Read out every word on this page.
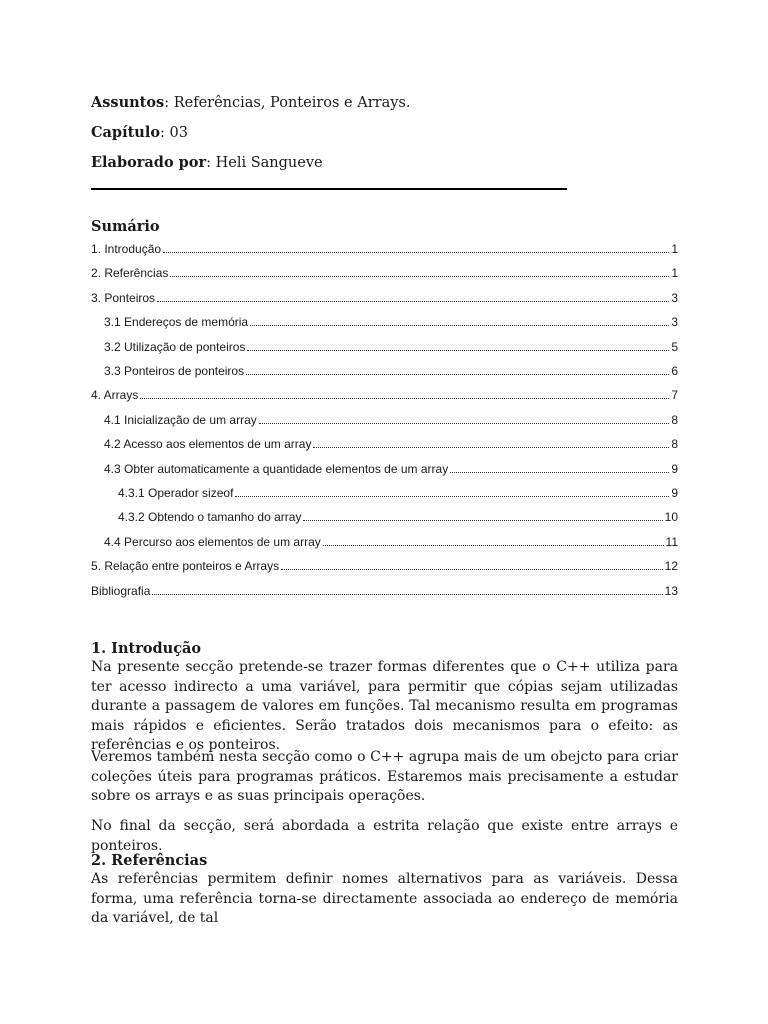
Assuntos: Referências, Ponteiros e Arrays.
Capítulo: 03
Elaborado por: Heli Sangueve
Sumário
1. Introdução	1
2. Referências	1
3. Ponteiros	3
3.1 Endereços de memória	3
3.2 Utilização de ponteiros	5
3.3 Ponteiros de ponteiros	6
4. Arrays	7
4.1 Inicialização de um array	8
4.2 Acesso aos elementos de um array	8
4.3 Obter automaticamente a quantidade elementos de um array	9
4.3.1 Operador sizeof	9
4.3.2 Obtendo o tamanho do array	10
4.4 Percurso aos elementos de um array	11
5. Relação entre ponteiros e Arrays	12
Bibliografia	13
1. Introdução

Na presente secção pretende-se trazer formas diferentes que o C++ utiliza para ter acesso indirecto a uma variável, para permitir que cópias sejam utilizadas durante a passagem de valores em funções. Tal mecanismo resulta em programas mais rápidos e eficientes. Serão tratados dois mecanismos para o efeito: as referências e os ponteiros.

Veremos também nesta secção como o C++ agrupa mais de um obejcto para criar coleções úteis para programas práticos. Estaremos mais precisamente a estudar sobre os arrays e as suas principais operações.

No final da secção, será abordada a estrita relação que existe entre arrays e ponteiros.

2. Referências

As referências permitem definir nomes alternativos para as variáveis. Dessa forma, uma referência torna-se directamente associada ao endereço de memória da variável, de tal
